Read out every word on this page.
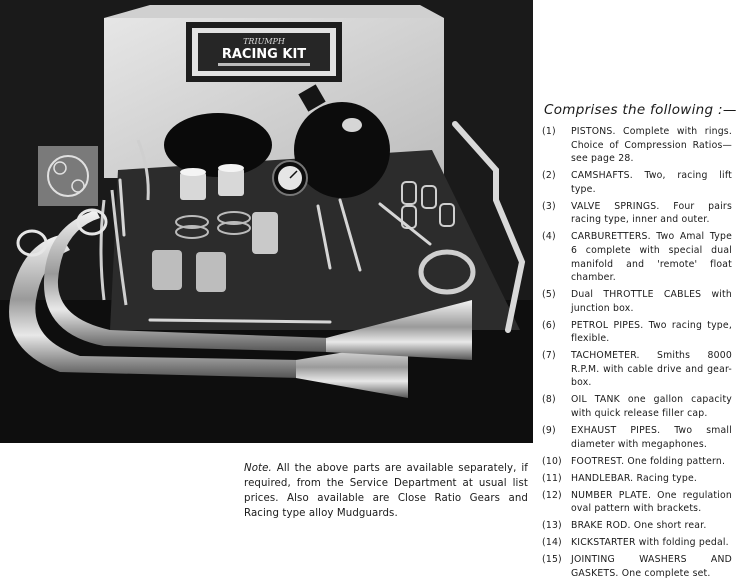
TRIUMPH
RACING KIT
Note. All the above parts are available separately, if required, from the Service Department at usual list prices. Also available are Close Ratio Gears and Racing type alloy Mudguards.
Comprises the following :—
(1)	PISTONS. Complete with rings. Choice of Compression Ratios—see page 28.
(2)	CAMSHAFTS. Two, racing lift type.
(3)	VALVE SPRINGS. Four pairs racing type, inner and outer.
(4)	CARBURETTERS. Two Amal Type 6 complete with special dual manifold and 'remote' float chamber.
(5)	Dual THROTTLE CABLES with junction box.
(6)	PETROL PIPES. Two racing type, flexible.
(7)	TACHOMETER. Smiths 8000 R.P.M. with cable drive and gear-box.
(8)	OIL TANK one gallon capacity with quick release filler cap.
(9)	EXHAUST PIPES. Two small diameter with megaphones.
(10) FOOTREST. One folding pattern.
(11) HANDLEBAR. Racing type.
(12) NUMBER PLATE. One regulation oval pattern with brackets.
(13) BRAKE ROD. One short rear.
(14) KICKSTARTER with folding pedal.
(15) JOINTING WASHERS AND GASKETS. One complete set.
